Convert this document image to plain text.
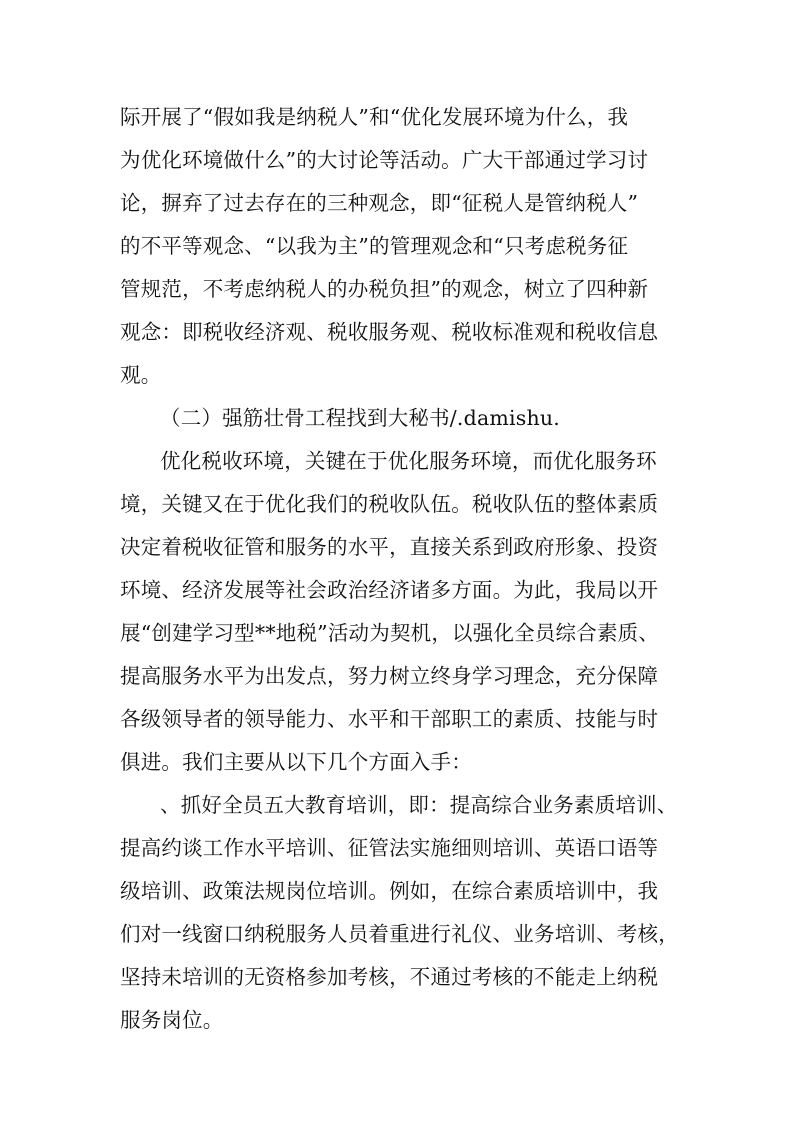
际开展了“假如我是纳税人”和“优化发展环境为什么，我
为优化环境做什么”的大讨论等活动。广大干部通过学习讨
论，摒弃了过去存在的三种观念，即“征税人是管纳税人”
的不平等观念、“以我为主”的管理观念和“只考虑税务征
管规范，不考虑纳税人的办税负担”的观念，树立了四种新
观念：即税收经济观、税收服务观、税收标准观和税收信息
观。
（二）强筋壮骨工程找到大秘书/.damishu.
优化税收环境，关键在于优化服务环境，而优化服务环
境，关键又在于优化我们的税收队伍。税收队伍的整体素质
决定着税收征管和服务的水平，直接关系到政府形象、投资
环境、经济发展等社会政治经济诸多方面。为此，我局以开
展“创建学习型**地税”活动为契机，以强化全员综合素质、
提高服务水平为出发点，努力树立终身学习理念，充分保障
各级领导者的领导能力、水平和干部职工的素质、技能与时
俱进。我们主要从以下几个方面入手：
、抓好全员五大教育培训，即：提高综合业务素质培训、
提高约谈工作水平培训、征管法实施细则培训、英语口语等
级培训、政策法规岗位培训。例如，在综合素质培训中，我
们对一线窗口纳税服务人员着重进行礼仪、业务培训、考核，
坚持未培训的无资格参加考核，不通过考核的不能走上纳税
服务岗位。
